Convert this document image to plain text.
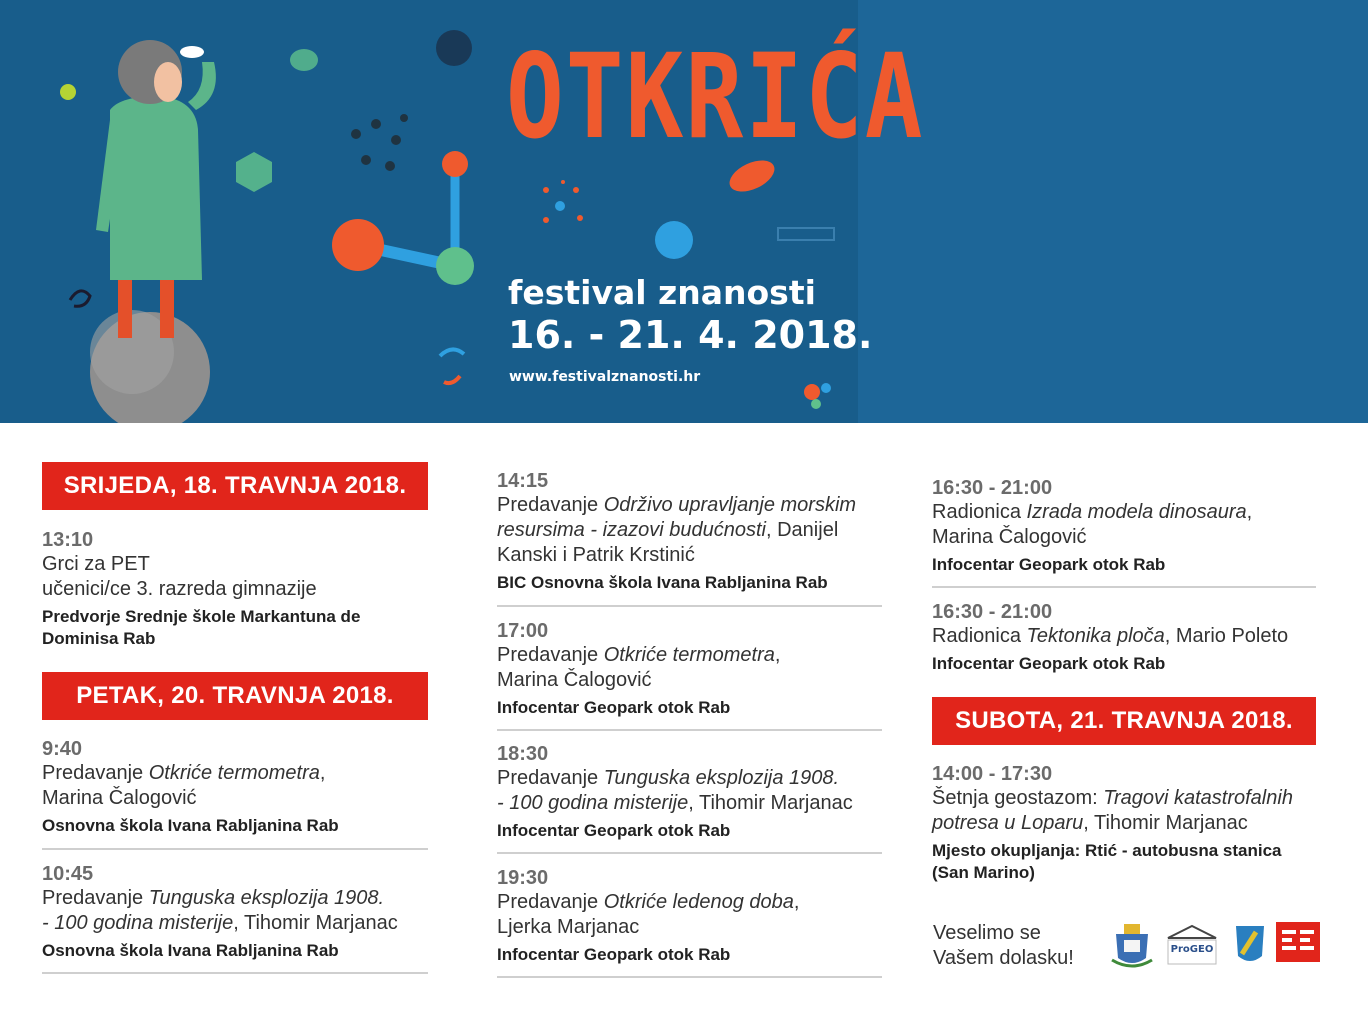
OTKRIĆA
festival znanosti
16. - 21. 4. 2018.
www.festivalznanosti.hr
SRIJEDA, 18. TRAVNJA 2018.
13:10
Grci za PET
učenici/ce 3. razreda gimnazije
Predvorje Srednje škole Markantuna de
Dominisa Rab
PETAK, 20. TRAVNJA 2018.
9:40
Predavanje Otkriće termometra,
Marina Čalogović
Osnovna škola Ivana Rabljanina Rab
10:45
Predavanje Tunguska eksplozija 1908.
- 100 godina misterije, Tihomir Marjanac
Osnovna škola Ivana Rabljanina Rab
14:15
Predavanje Održivo upravljanje morskim
resursima - izazovi budućnosti, Danijel
Kanski i Patrik Krstinić
BIC Osnovna škola Ivana Rabljanina Rab
17:00
Predavanje Otkriće termometra,
Marina Čalogović
Infocentar Geopark otok Rab
18:30
Predavanje Tunguska eksplozija 1908.
- 100 godina misterije, Tihomir Marjanac
Infocentar Geopark otok Rab
19:30
Predavanje Otkriće ledenog doba,
Ljerka Marjanac
Infocentar Geopark otok Rab
16:30 - 21:00
Radionica Izrada modela dinosaura,
Marina Čalogović
Infocentar Geopark otok Rab
16:30 - 21:00
Radionica Tektonika ploča, Mario Poleto
Infocentar Geopark otok Rab
SUBOTA, 21. TRAVNJA 2018.
14:00 - 17:30
Šetnja geostazom: Tragovi katastrofalnih
potresa u Loparu, Tihomir Marjanac
Mjesto okupljanja: Rtić - autobusna stanica
(San Marino)
Veselimo se
Vašem dolasku!	ProGEO
